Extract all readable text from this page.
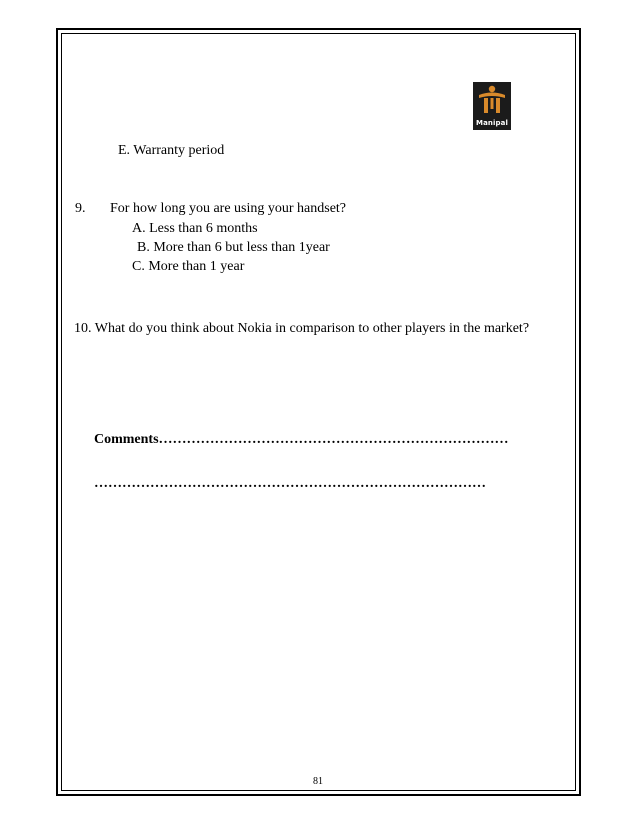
Manipal
E. Warranty period
9. For how long you are using your handset?
A. Less than 6 months
B. More than 6 but less than 1year
C. More than 1 year
10. What do you think about Nokia in comparison to other players in the market?
Comments…………………………………………………………………
…………………………………………………………………………
81
